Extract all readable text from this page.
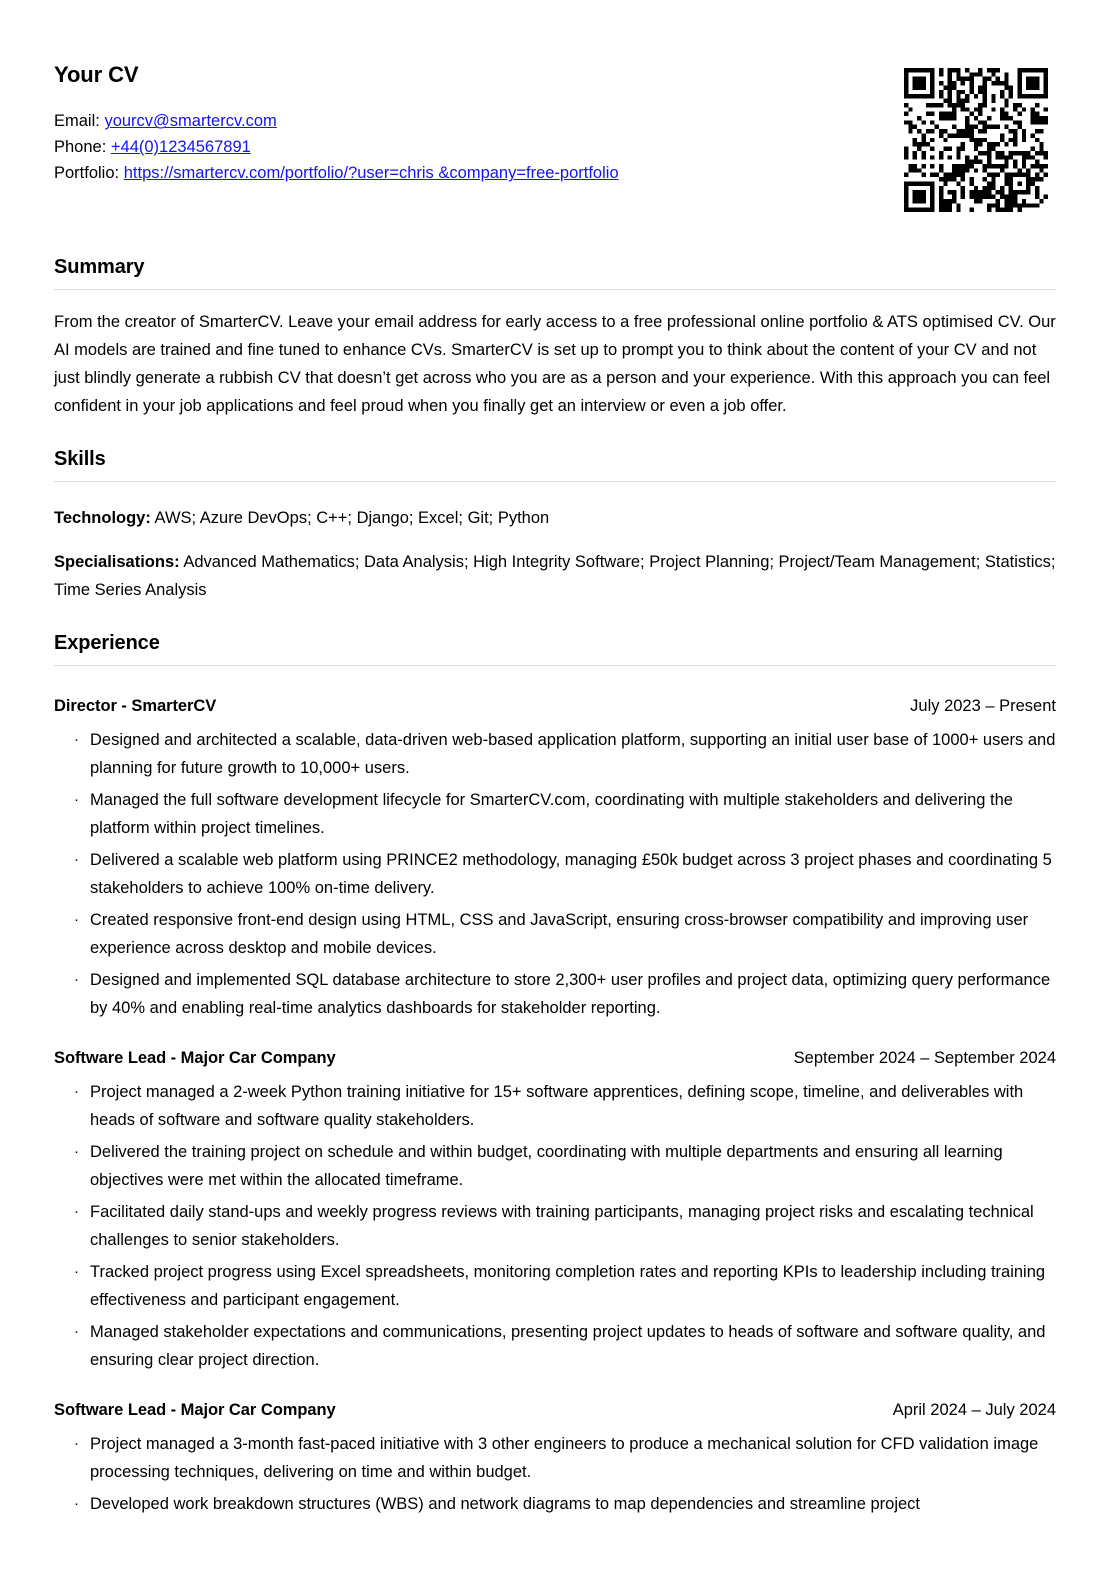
Your CV
Email: yourcv@smartercv.com
Phone: +44(0)1234567891
Portfolio: https://smartercv.com/portfolio/?user=chris &company=free-portfolio
Summary

From the creator of SmarterCV. Leave your email address for early access to a free professional online portfolio & ATS optimised CV. Our AI models are trained and fine tuned to enhance CVs. SmarterCV is set up to prompt you to think about the content of your CV and not just blindly generate a rubbish CV that doesn’t get across who you are as a person and your experience. With this approach you can feel confident in your job applications and feel proud when you finally get an interview or even a job offer.

Skills
Technology: AWS; Azure DevOps; C++; Django; Excel; Git; Python
Specialisations: Advanced Mathematics; Data Analysis; High Integrity Software; Project Planning; Project/Team Management; Statistics; Time Series Analysis
Experience
Director - SmarterCV	July 2023 – Present
· Designed and architected a scalable, data-driven web-based application platform, supporting an initial user base of 1000+ users and planning for future growth to 10,000+ users.
· Managed the full software development lifecycle for SmarterCV.com, coordinating with multiple stakeholders and delivering the platform within project timelines.
· Delivered a scalable web platform using PRINCE2 methodology, managing £50k budget across 3 project phases and coordinating 5 stakeholders to achieve 100% on-time delivery.
· Created responsive front-end design using HTML, CSS and JavaScript, ensuring cross-browser compatibility and improving user experience across desktop and mobile devices.
· Designed and implemented SQL database architecture to store 2,300+ user profiles and project data, optimizing query performance by 40% and enabling real-time analytics dashboards for stakeholder reporting.
Software Lead - Major Car Company	September 2024 – September 2024
· Project managed a 2-week Python training initiative for 15+ software apprentices, defining scope, timeline, and deliverables with heads of software and software quality stakeholders.
· Delivered the training project on schedule and within budget, coordinating with multiple departments and ensuring all learning objectives were met within the allocated timeframe.
· Facilitated daily stand-ups and weekly progress reviews with training participants, managing project risks and escalating technical challenges to senior stakeholders.
· Tracked project progress using Excel spreadsheets, monitoring completion rates and reporting KPIs to leadership including training effectiveness and participant engagement.
· Managed stakeholder expectations and communications, presenting project updates to heads of software and software quality, and ensuring clear project direction.
Software Lead - Major Car Company	April 2024 – July 2024
· Project managed a 3-month fast-paced initiative with 3 other engineers to produce a mechanical solution for CFD validation image processing techniques, delivering on time and within budget.
· Developed work breakdown structures (WBS) and network diagrams to map dependencies and streamline project
